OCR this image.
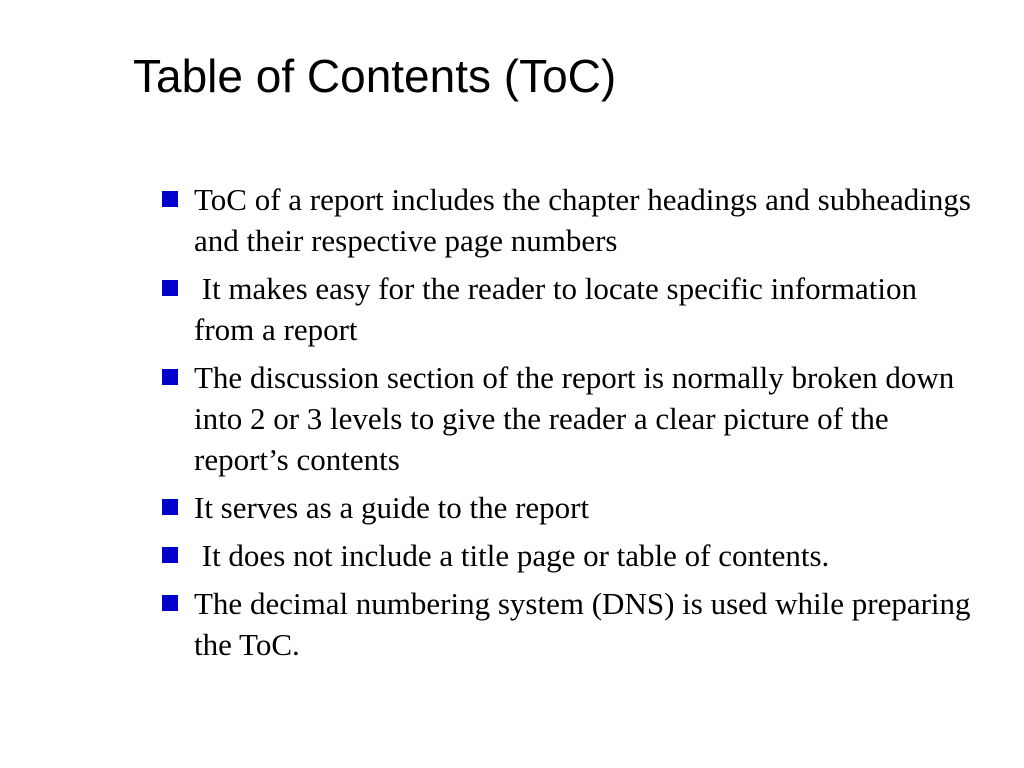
Table of Contents (ToC)
ToC of a report includes the chapter headings and subheadings and their respective page numbers
It makes easy for the reader to locate specific information from a report
The discussion section of the report is normally broken down into 2 or 3 levels to give the reader a clear picture of the report’s contents
It serves as a guide to the report
It does not include a title page or table of contents.
The decimal numbering system (DNS) is used while preparing the ToC.
